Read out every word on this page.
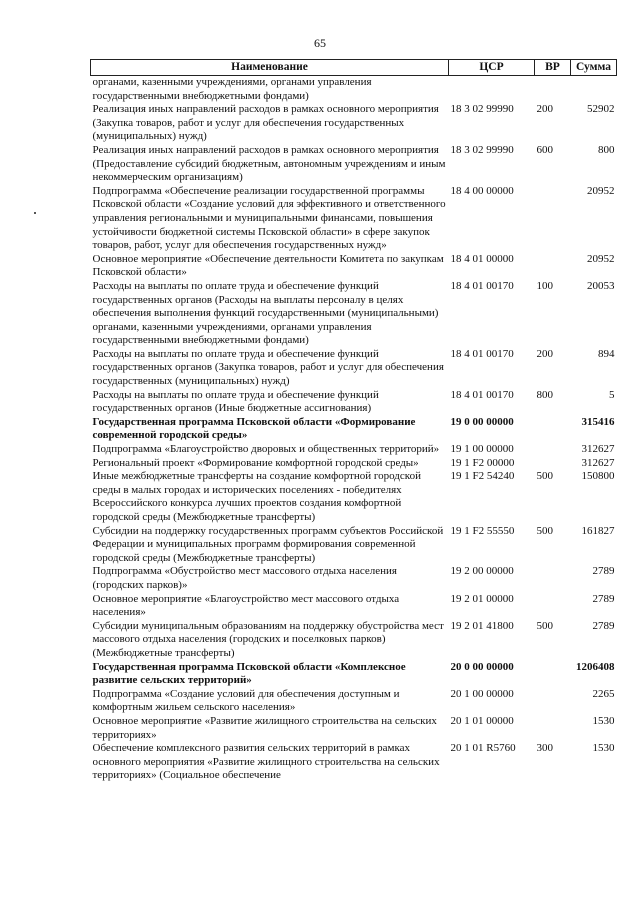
65
Наименование	ЦСР	ВР	Сумма
органами, казенными учреждениями, органами управления государственными внебюджетными фондами)			
Реализация иных направлений расходов в рамках основного мероприятия (Закупка товаров, работ и услуг для обеспечения государственных (муниципальных) нужд)	18 3 02 99990	200	52902
Реализация иных направлений расходов в рамках основного мероприятия (Предоставление субсидий бюджетным, автономным учреждениям и иным некоммерческим организациям)	18 3 02 99990	600	800
Подпрограмма «Обеспечение реализации государственной программы Псковской области «Создание условий для эффективного и ответственного управления региональными и муниципальными финансами, повышения устойчивости бюджетной системы Псковской области» в сфере закупок товаров, работ, услуг для обеспечения государственных нужд»	18 4 00 00000		20952
Основное мероприятие «Обеспечение деятельности Комитета по закупкам Псковской области»	18 4 01 00000		20952
Расходы на выплаты по оплате труда и обеспечение функций государственных органов (Расходы на выплаты персоналу в целях обеспечения выполнения функций государственными (муниципальными) органами, казенными учреждениями, органами управления государственными внебюджетными фондами)	18 4 01 00170	100	20053
Расходы на выплаты по оплате труда и обеспечение функций государственных органов (Закупка товаров, работ и услуг для обеспечения государственных (муниципальных) нужд)	18 4 01 00170	200	894
Расходы на выплаты по оплате труда и обеспечение функций государственных органов (Иные бюджетные ассигнования)	18 4 01 00170	800	5
Государственная программа Псковской области «Формирование современной городской среды»	19 0 00 00000		315416
Подпрограмма «Благоустройство дворовых и общественных территорий»	19 1 00 00000		312627
Региональный проект «Формирование комфортной городской среды»	19 1 F2 00000		312627
Иные межбюджетные трансферты на создание комфортной городской среды в малых городах и исторических поселениях - победителях Всероссийского конкурса лучших проектов создания комфортной городской среды (Межбюджетные трансферты)	19 1 F2 54240	500	150800
Субсидии на поддержку государственных программ субъектов Российской Федерации и муниципальных программ формирования современной городской среды (Межбюджетные трансферты)	19 1 F2 55550	500	161827
Подпрограмма «Обустройство мест массового отдыха населения (городских парков)»	19 2 00 00000		2789
Основное мероприятие «Благоустройство мест массового отдыха населения»	19 2 01 00000		2789
Субсидии муниципальным образованиям на поддержку обустройства мест массового отдыха населения (городских и поселковых парков) (Межбюджетные трансферты)	19 2 01 41800	500	2789
Государственная программа Псковской области «Комплексное развитие сельских территорий»	20 0 00 00000		1206408
Подпрограмма «Создание условий для обеспечения доступным и комфортным жильем сельского населения»	20 1 00 00000		2265
Основное мероприятие «Развитие жилищного строительства на сельских территориях»	20 1 01 00000		1530
Обеспечение комплексного развития сельских территорий в рамках основного мероприятия «Развитие жилищного строительства на сельских территориях» (Социальное обеспечение	20 1 01 R5760	300	1530
